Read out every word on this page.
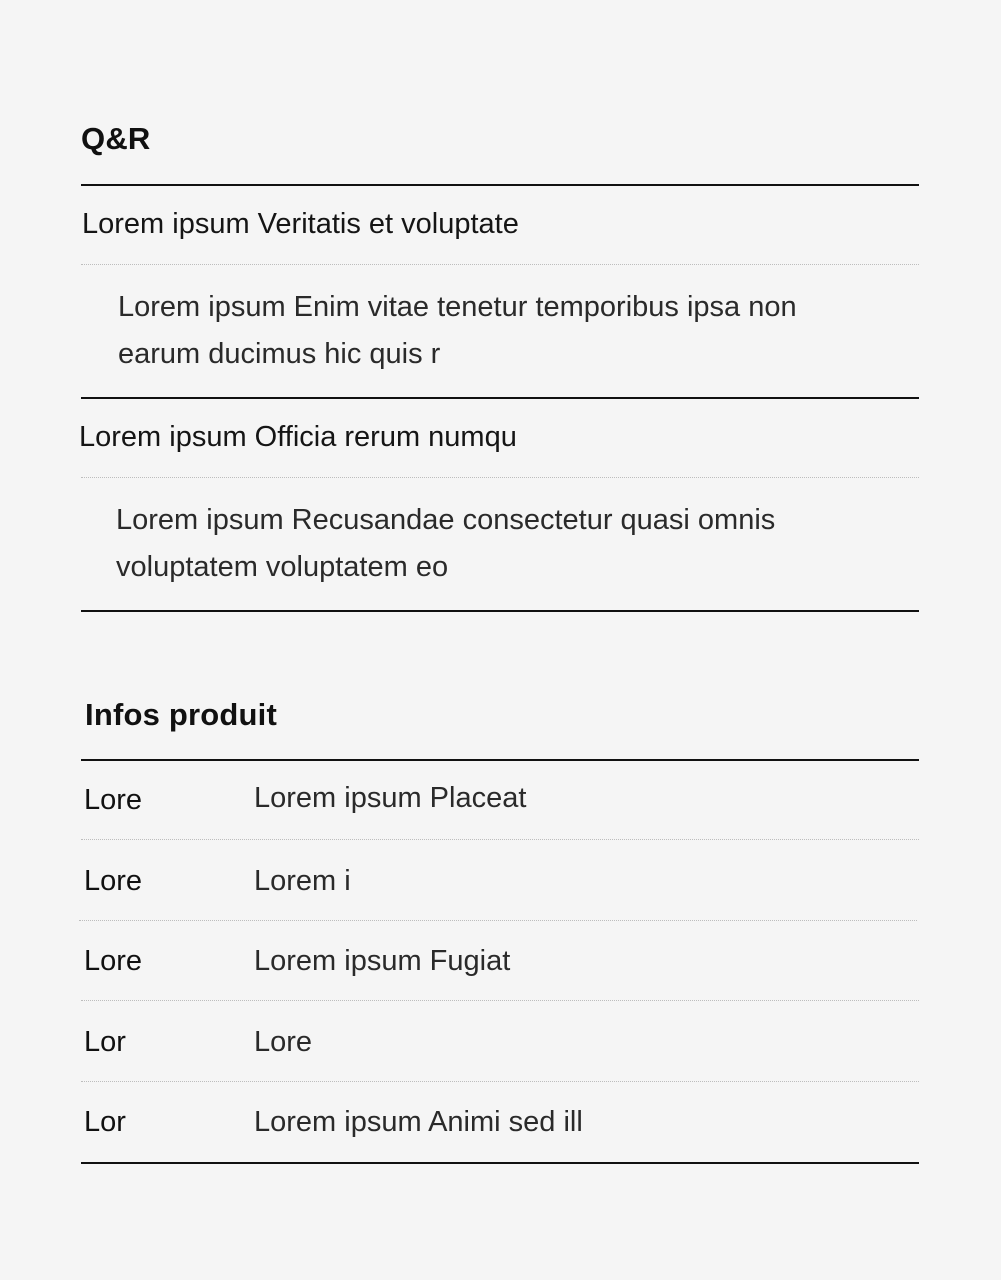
Q&R
Lorem ipsum Veritatis et voluptate
Lorem ipsum Enim vitae tenetur temporibus ipsa non
earum ducimus hic quis r
Lorem ipsum Officia rerum numqu
Lorem ipsum Recusandae consectetur quasi omnis
voluptatem voluptatem eo
Infos produit
Lore	Lorem ipsum Placeat
Lore	Lorem i
Lore	Lorem ipsum Fugiat
Lor	Lore
Lor	Lorem ipsum Animi sed ill
